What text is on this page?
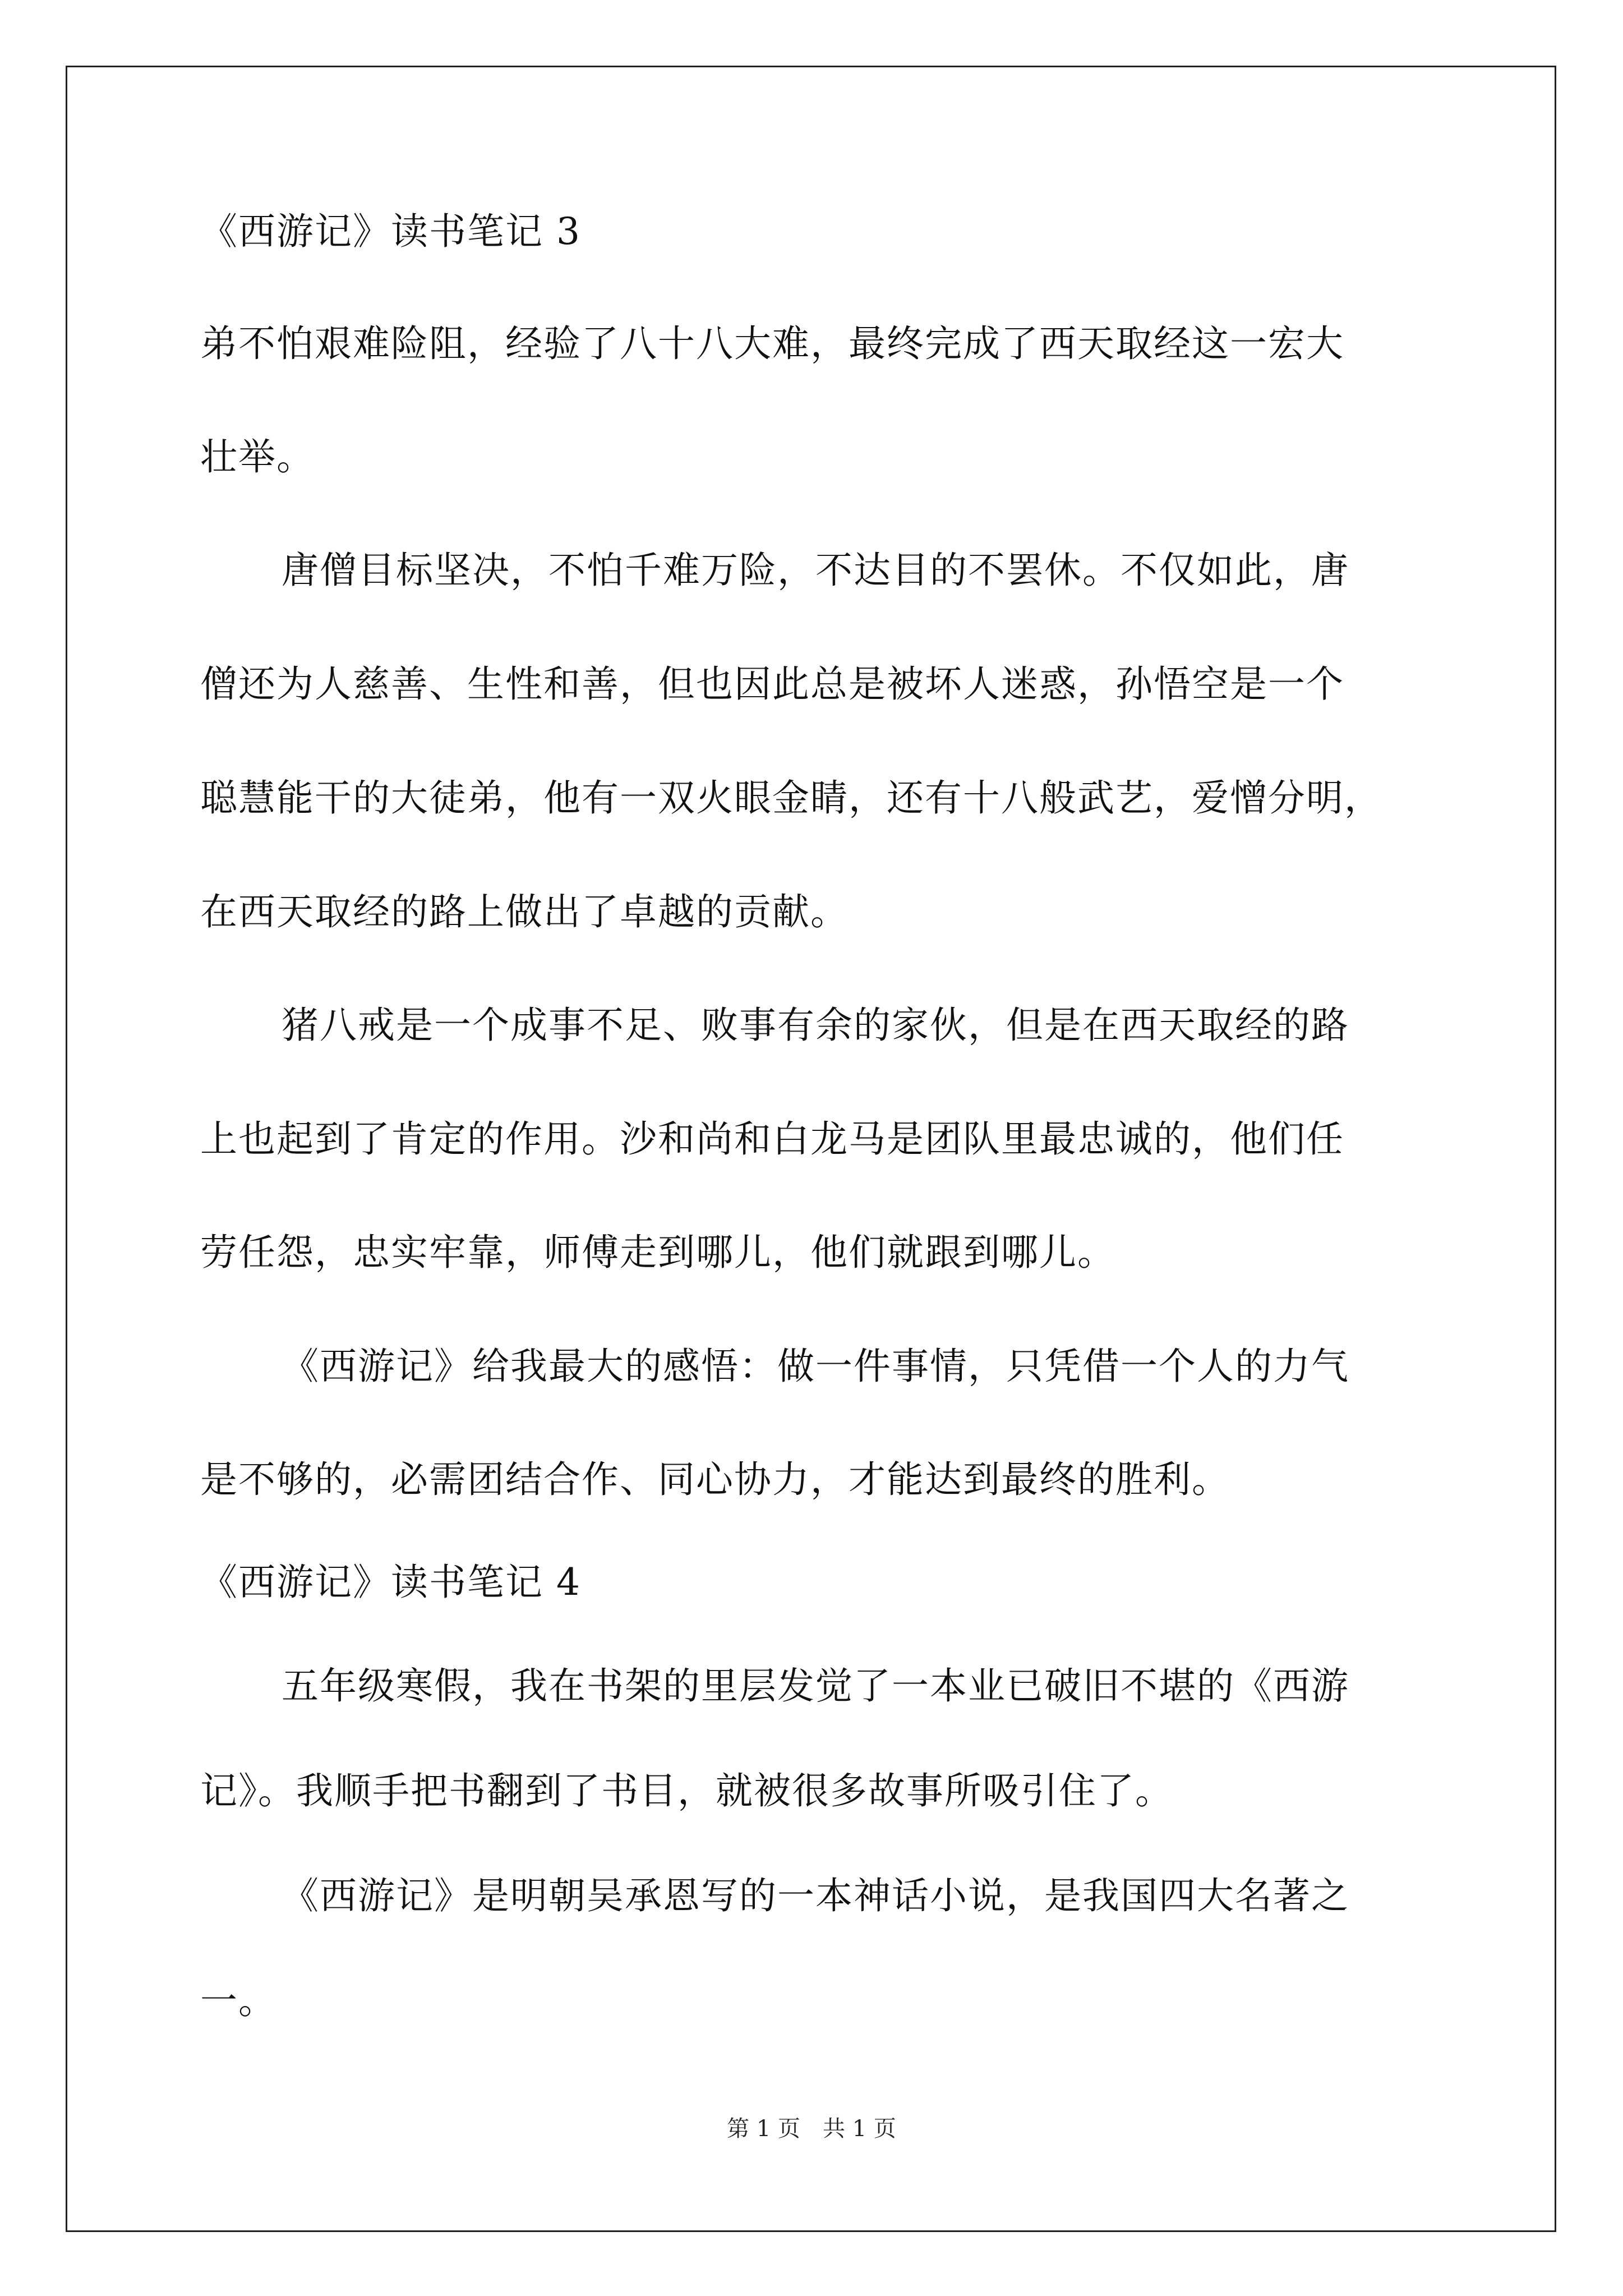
《西游记》读书笔记 3
弟不怕艰难险阻，经验了八十八大难，最终完成了西天取经这一宏大
壮举。
唐僧目标坚决，不怕千难万险，不达目的不罢休。不仅如此，唐
僧还为人慈善、生性和善，但也因此总是被坏人迷惑，孙悟空是一个
聪慧能干的大徒弟，他有一双火眼金睛，还有十八般武艺，爱憎分明，
在西天取经的路上做出了卓越的贡献。
猪八戒是一个成事不足、败事有余的家伙，但是在西天取经的路
上也起到了肯定的作用。沙和尚和白龙马是团队里最忠诚的，他们任
劳任怨，忠实牢靠，师傅走到哪儿，他们就跟到哪儿。
《西游记》给我最大的感悟：做一件事情，只凭借一个人的力气
是不够的，必需团结合作、同心协力，才能达到最终的胜利。
《西游记》读书笔记 4
五年级寒假，我在书架的里层发觉了一本业已破旧不堪的《西游
记》。我顺手把书翻到了书目，就被很多故事所吸引住了。
《西游记》是明朝吴承恩写的一本神话小说，是我国四大名著之
一。
第 1 页　共 1 页
